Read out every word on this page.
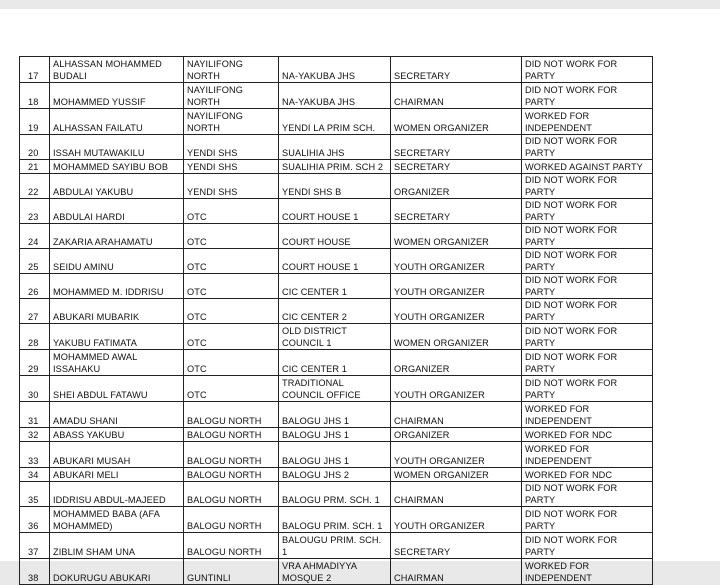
17	ALHASSAN MOHAMMED
BUDALI	NAYILIFONG
NORTH	NA-YAKUBA JHS	SECRETARY	DID NOT WORK FOR PARTY
18	MOHAMMED YUSSIF	NAYILIFONG
NORTH	NA-YAKUBA JHS	CHAIRMAN	DID NOT WORK FOR PARTY
19	ALHASSAN FAILATU	NAYILIFONG
NORTH	YENDI LA PRIM SCH.	WOMEN ORGANIZER	WORKED FOR
INDEPENDENT
20	ISSAH MUTAWAKILU	YENDI SHS	SUALIHIA JHS	SECRETARY	DID NOT WORK FOR PARTY
21	MOHAMMED SAYIBU BOB	YENDI SHS	SUALIHIA PRIM. SCH 2	SECRETARY	WORKED AGAINST PARTY
22	ABDULAI YAKUBU	YENDI SHS	YENDI SHS B	ORGANIZER	DID NOT WORK FOR PARTY
23	ABDULAI HARDI	OTC	COURT HOUSE 1	SECRETARY	DID NOT WORK FOR PARTY
24	ZAKARIA ARAHAMATU	OTC	COURT HOUSE	WOMEN ORGANIZER	DID NOT WORK FOR PARTY
25	SEIDU AMINU	OTC	COURT HOUSE 1	YOUTH ORGANIZER	DID NOT WORK FOR PARTY
26	MOHAMMED M. IDDRISU	OTC	CIC CENTER 1	YOUTH ORGANIZER	DID NOT WORK FOR PARTY
27	ABUKARI MUBARIK	OTC	CIC CENTER 2	YOUTH ORGANIZER	DID NOT WORK FOR PARTY
28	YAKUBU FATIMATA	OTC	OLD DISTRICT
COUNCIL 1	WOMEN ORGANIZER	DID NOT WORK FOR PARTY
29	MOHAMMED AWAL
ISSAHAKU	OTC	CIC CENTER 1	ORGANIZER	DID NOT WORK FOR PARTY
30	SHEI ABDUL FATAWU	OTC	TRADITIONAL
COUNCIL OFFICE	YOUTH ORGANIZER	DID NOT WORK FOR PARTY
31	AMADU SHANI	BALOGU NORTH	BALOGU JHS 1	CHAIRMAN	WORKED FOR
INDEPENDENT
32	ABASS YAKUBU	BALOGU NORTH	BALOGU JHS 1	ORGANIZER	WORKED FOR NDC
33	ABUKARI MUSAH	BALOGU NORTH	BALOGU JHS 1	YOUTH ORGANIZER	WORKED FOR
INDEPENDENT
34	ABUKARI MELI	BALOGU NORTH	BALOGU JHS 2	WOMEN ORGANIZER	WORKED FOR NDC
35	IDDRISU ABDUL-MAJEED	BALOGU NORTH	BALOGU PRM. SCH. 1	CHAIRMAN	DID NOT WORK FOR PARTY
36	MOHAMMED BABA (AFA
MOHAMMED)	BALOGU NORTH	BALOGU PRIM. SCH. 1	YOUTH ORGANIZER	DID NOT WORK FOR PARTY
37	ZIBLIM SHAM UNA	BALOGU NORTH	BALOUGU PRIM. SCH.
1	SECRETARY	DID NOT WORK FOR PARTY
38	DOKURUGU ABUKARI	GUNTINLI	VRA AHMADIYYA
MOSQUE 2	CHAIRMAN	WORKED FOR
INDEPENDENT
